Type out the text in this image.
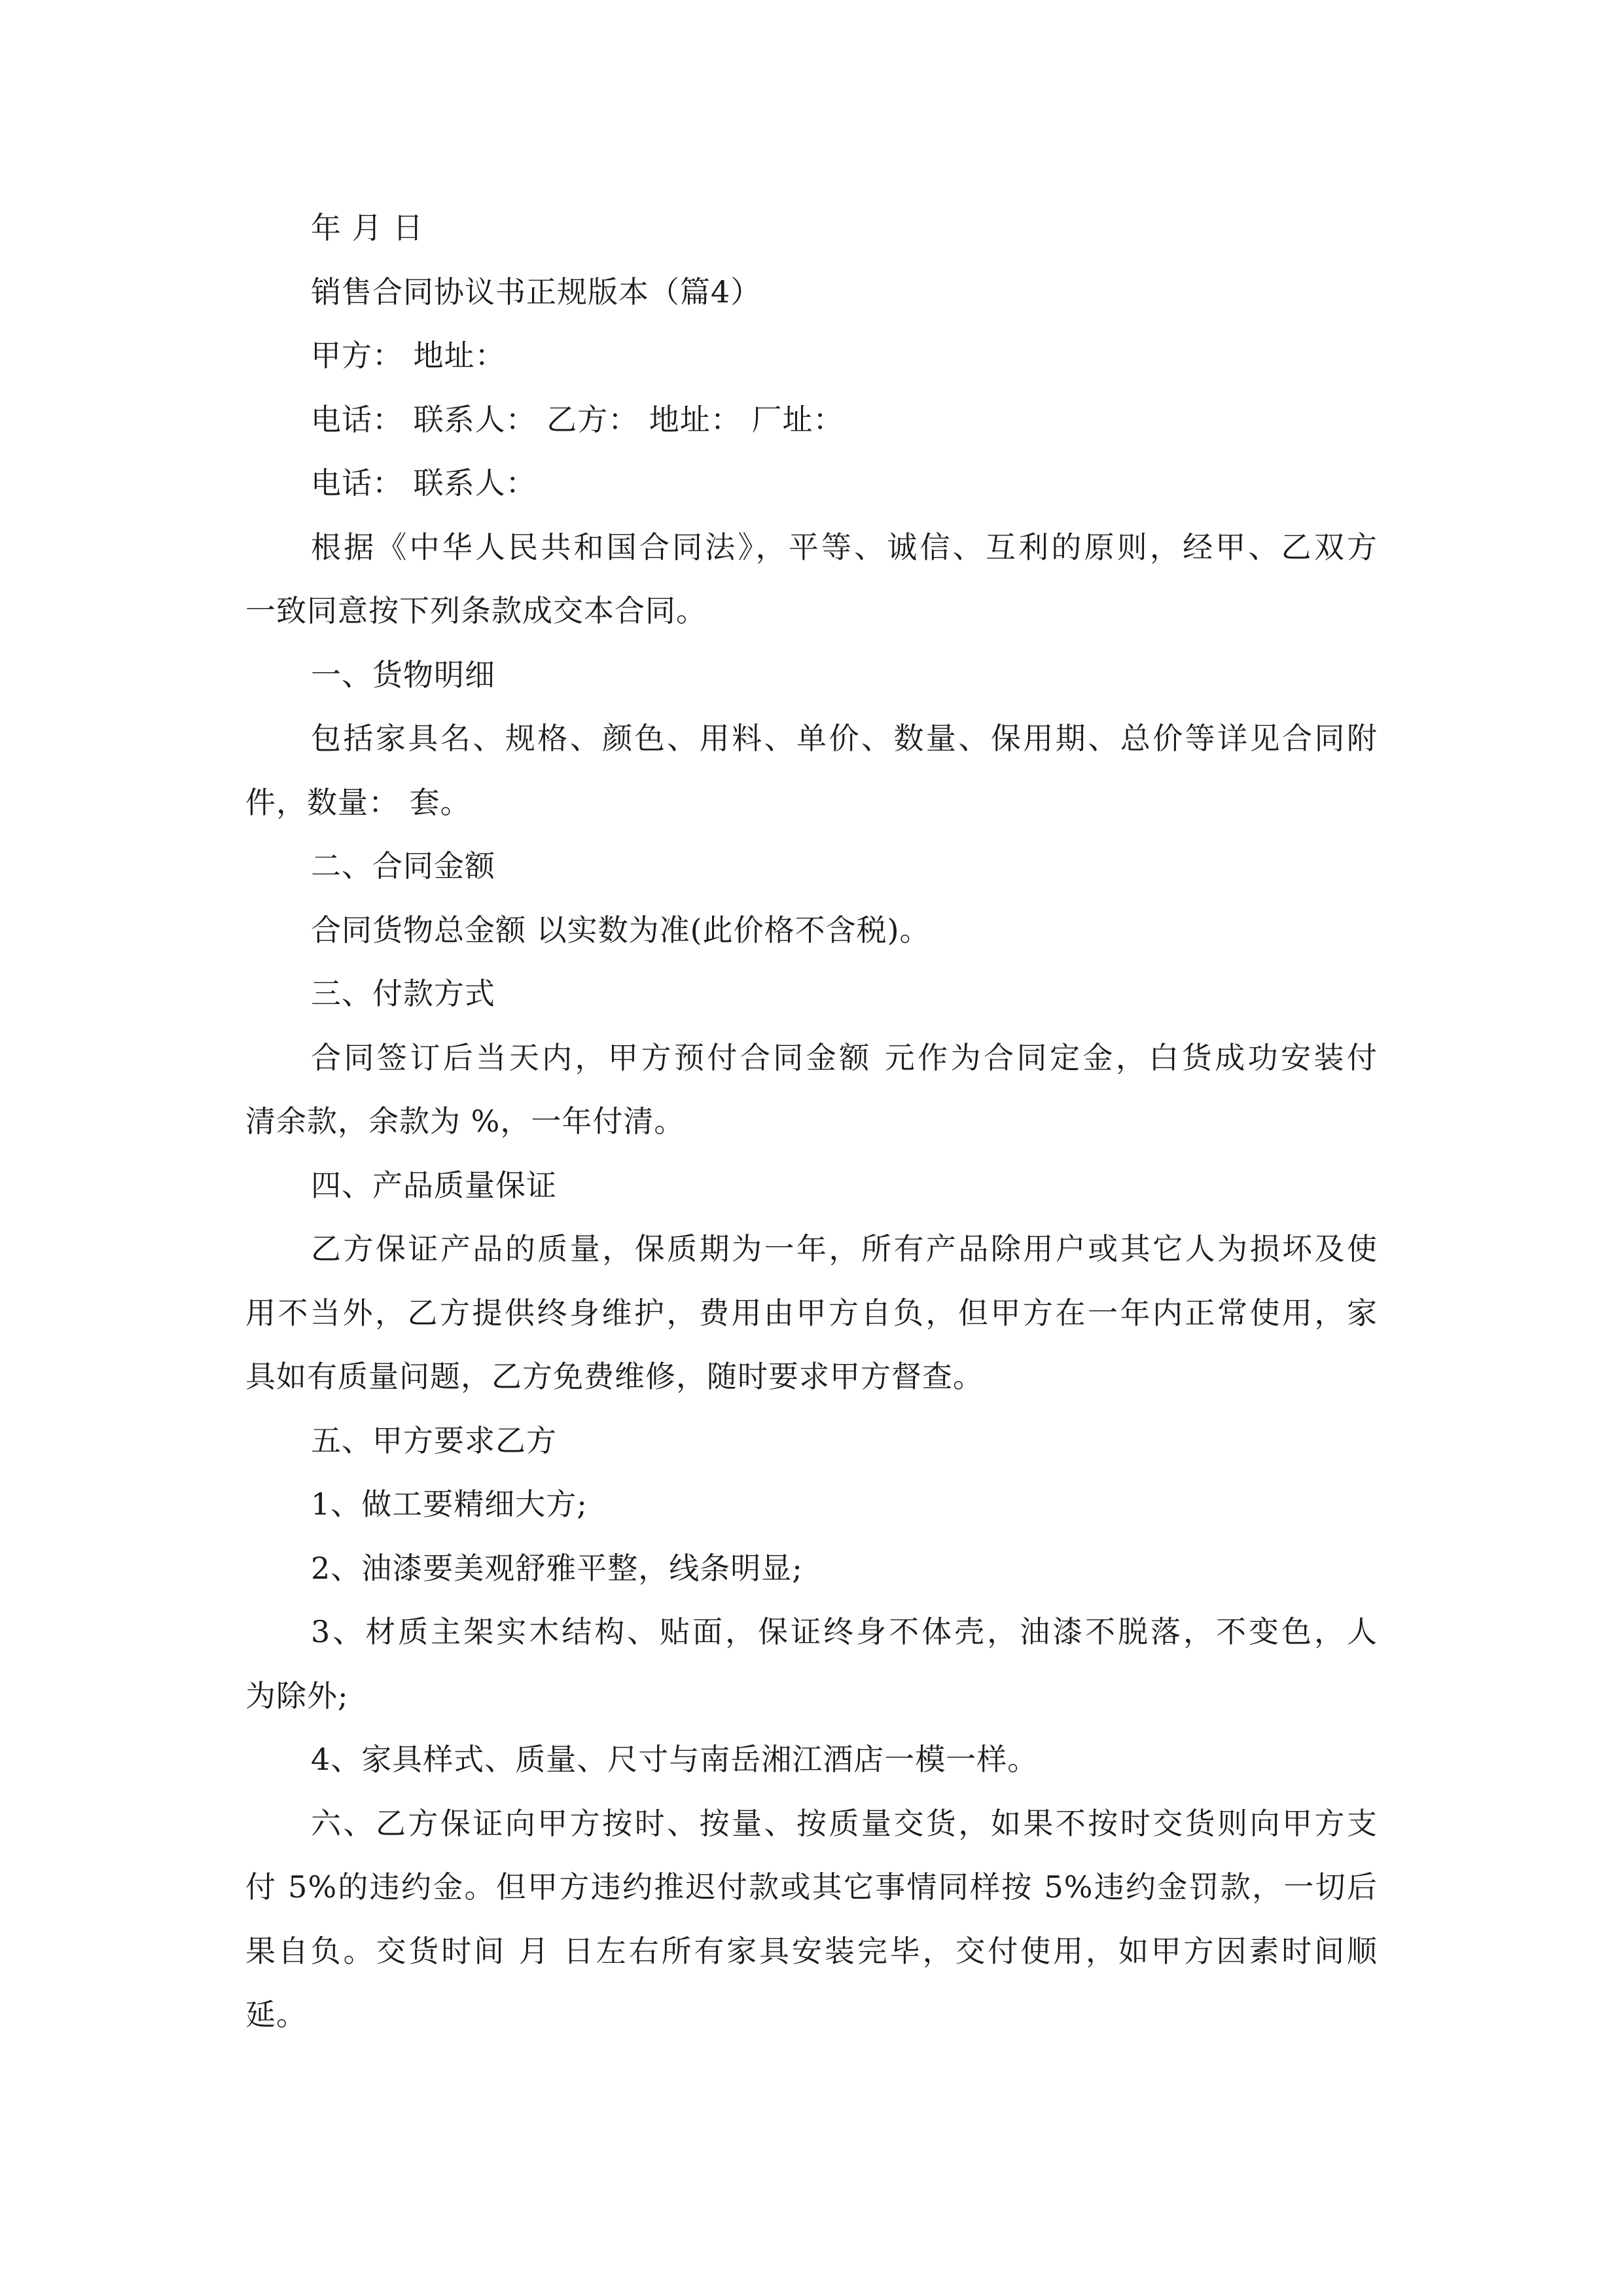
年 月 日
销售合同协议书正规版本（篇4）
甲方： 地址：
电话： 联系人： 乙方： 地址： 厂址：
电话： 联系人：
根据《中华人民共和国合同法》，平等、诚信、互利的原则，经甲、乙双方
一致同意按下列条款成交本合同。
一、货物明细
包括家具名、规格、颜色、用料、单价、数量、保用期、总价等详见合同附
件，数量： 套。
二、合同金额
合同货物总金额 以实数为准(此价格不含税)。
三、付款方式
合同签订后当天内，甲方预付合同金额 元作为合同定金，白货成功安装付
清余款，余款为 %，一年付清。
四、产品质量保证
乙方保证产品的质量，保质期为一年，所有产品除用户或其它人为损坏及使
用不当外，乙方提供终身维护，费用由甲方自负，但甲方在一年内正常使用，家
具如有质量问题，乙方免费维修，随时要求甲方督查。
五、甲方要求乙方
1、做工要精细大方;
2、油漆要美观舒雅平整，线条明显;
3、材质主架实木结构、贴面，保证终身不体壳，油漆不脱落，不变色，人
为除外;
4、家具样式、质量、尺寸与南岳湘江酒店一模一样。
六、乙方保证向甲方按时、按量、按质量交货，如果不按时交货则向甲方支
付 5%的违约金。但甲方违约推迟付款或其它事情同样按 5%违约金罚款，一切后
果自负。交货时间 月 日左右所有家具安装完毕，交付使用，如甲方因素时间顺
延。
